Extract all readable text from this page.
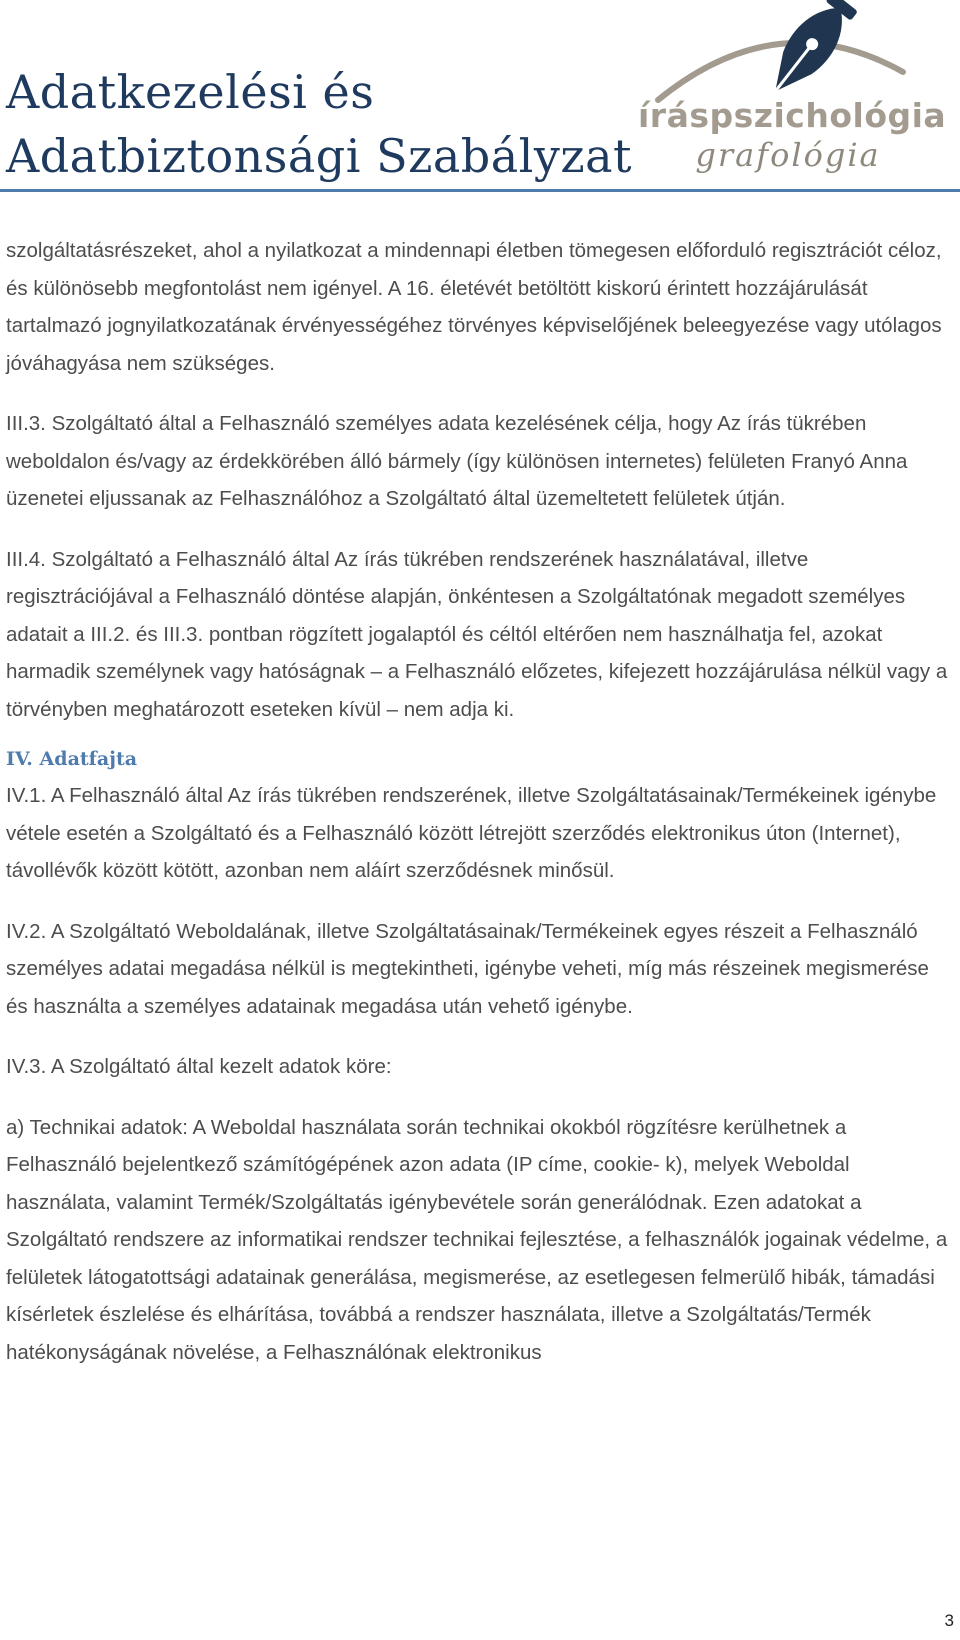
Adatkezelési és
Adatbiztonsági Szabályzat
íráspszichológia
grafológia

szolgáltatásrészeket, ahol a nyilatkozat a mindennapi életben tömegesen előforduló regisztrációt céloz, és különösebb megfontolást nem igényel. A 16. életévét betöltött kiskorú érintett hozzájárulását tartalmazó jognyilatkozatának érvényességéhez törvényes képviselőjének beleegyezése vagy utólagos jóváhagyása nem szükséges.

III.3. Szolgáltató által a Felhasználó személyes adata kezelésének célja, hogy Az írás tükrében weboldalon és/vagy az érdekkörében álló bármely (így különösen internetes) felületen Franyó Anna üzenetei eljussanak az Felhasználóhoz a Szolgáltató által üzemeltetett felületek útján.

III.4. Szolgáltató a Felhasználó által Az írás tükrében rendszerének használatával, illetve regisztrációjával a Felhasználó döntése alapján, önkéntesen a Szolgáltatónak megadott személyes adatait a III.2. és III.3. pontban rögzített jogalaptól és céltól eltérően nem használhatja fel, azokat harmadik személynek vagy hatóságnak – a Felhasználó előzetes, kifejezett hozzájárulása nélkül vagy a törvényben meghatározott eseteken kívül – nem adja ki.

IV. Adatfajta

IV.1. A Felhasználó által Az írás tükrében rendszerének, illetve Szolgáltatásainak/Termékeinek igénybe vétele esetén a Szolgáltató és a Felhasználó között létrejött szerződés elektronikus úton (Internet), távollévők között kötött, azonban nem aláírt szerződésnek minősül.

IV.2. A Szolgáltató Weboldalának, illetve Szolgáltatásainak/Termékeinek egyes részeit a Felhasználó személyes adatai megadása nélkül is megtekintheti, igénybe veheti, míg más részeinek megismerése és használta a személyes adatainak megadása után vehető igénybe.

IV.3. A Szolgáltató által kezelt adatok köre:

a) Technikai adatok: A Weboldal használata során technikai okokból rögzítésre kerülhetnek a Felhasználó bejelentkező számítógépének azon adata (IP címe, cookie- k), melyek Weboldal használata, valamint Termék/Szolgáltatás igénybevétele során generálódnak. Ezen adatokat a Szolgáltató rendszere az informatikai rendszer technikai fejlesztése, a felhasználók jogainak védelme, a felületek látogatottsági adatainak generálása, megismerése, az esetlegesen felmerülő hibák, támadási kísérletek észlelése és elhárítása, továbbá a rendszer használata, illetve a Szolgáltatás/Termék hatékonyságának növelése, a Felhasználónak elektronikus

3
